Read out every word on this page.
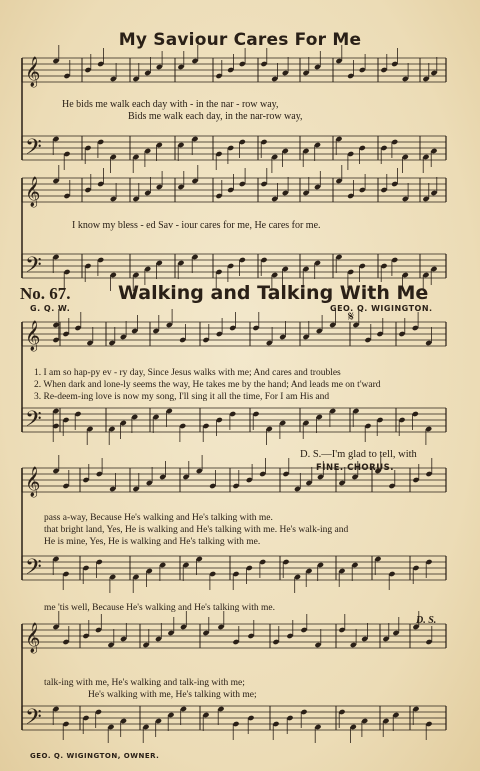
𝄞
𝄢
𝄞
𝄢
𝄞
𝄢
𝄞
𝄢
𝄞
𝄢
My Saviour Cares For Me
He bids me walk each day with - in the nar - row way,
Bids me walk each day, in the nar-row way,
I know my bless - ed Sav - iour cares for me, He cares for me.
No. 67. Walking and Talking With Me
G. Q. W.	GEO. Q. WIGINGTON.
𝄋
1. I am so hap-py ev - ry day, Since Jesus walks with me; And cares and troubles
2. When dark and lone-ly seems the way, He takes me by the hand; And leads me on t'ward
3. Re-deem-ing love is now my song, I'll sing it all the time, For I am His and
D. S.—I'm glad to tell, with
FINE. CHORUS.
pass a-way, Because He's walking and He's talking with me.
that bright land, Yes, He is walking and He's talking with me. He's walk-ing and
He is mine, Yes, He is walking and He's talking with me.
me 'tis well, Because He's walking and He's talking with me.
D. S.
talk-ing with me, He's walking and talk-ing with me;
He's walking with me, He's talking with me;
GEO. Q. WIGINGTON, OWNER.
